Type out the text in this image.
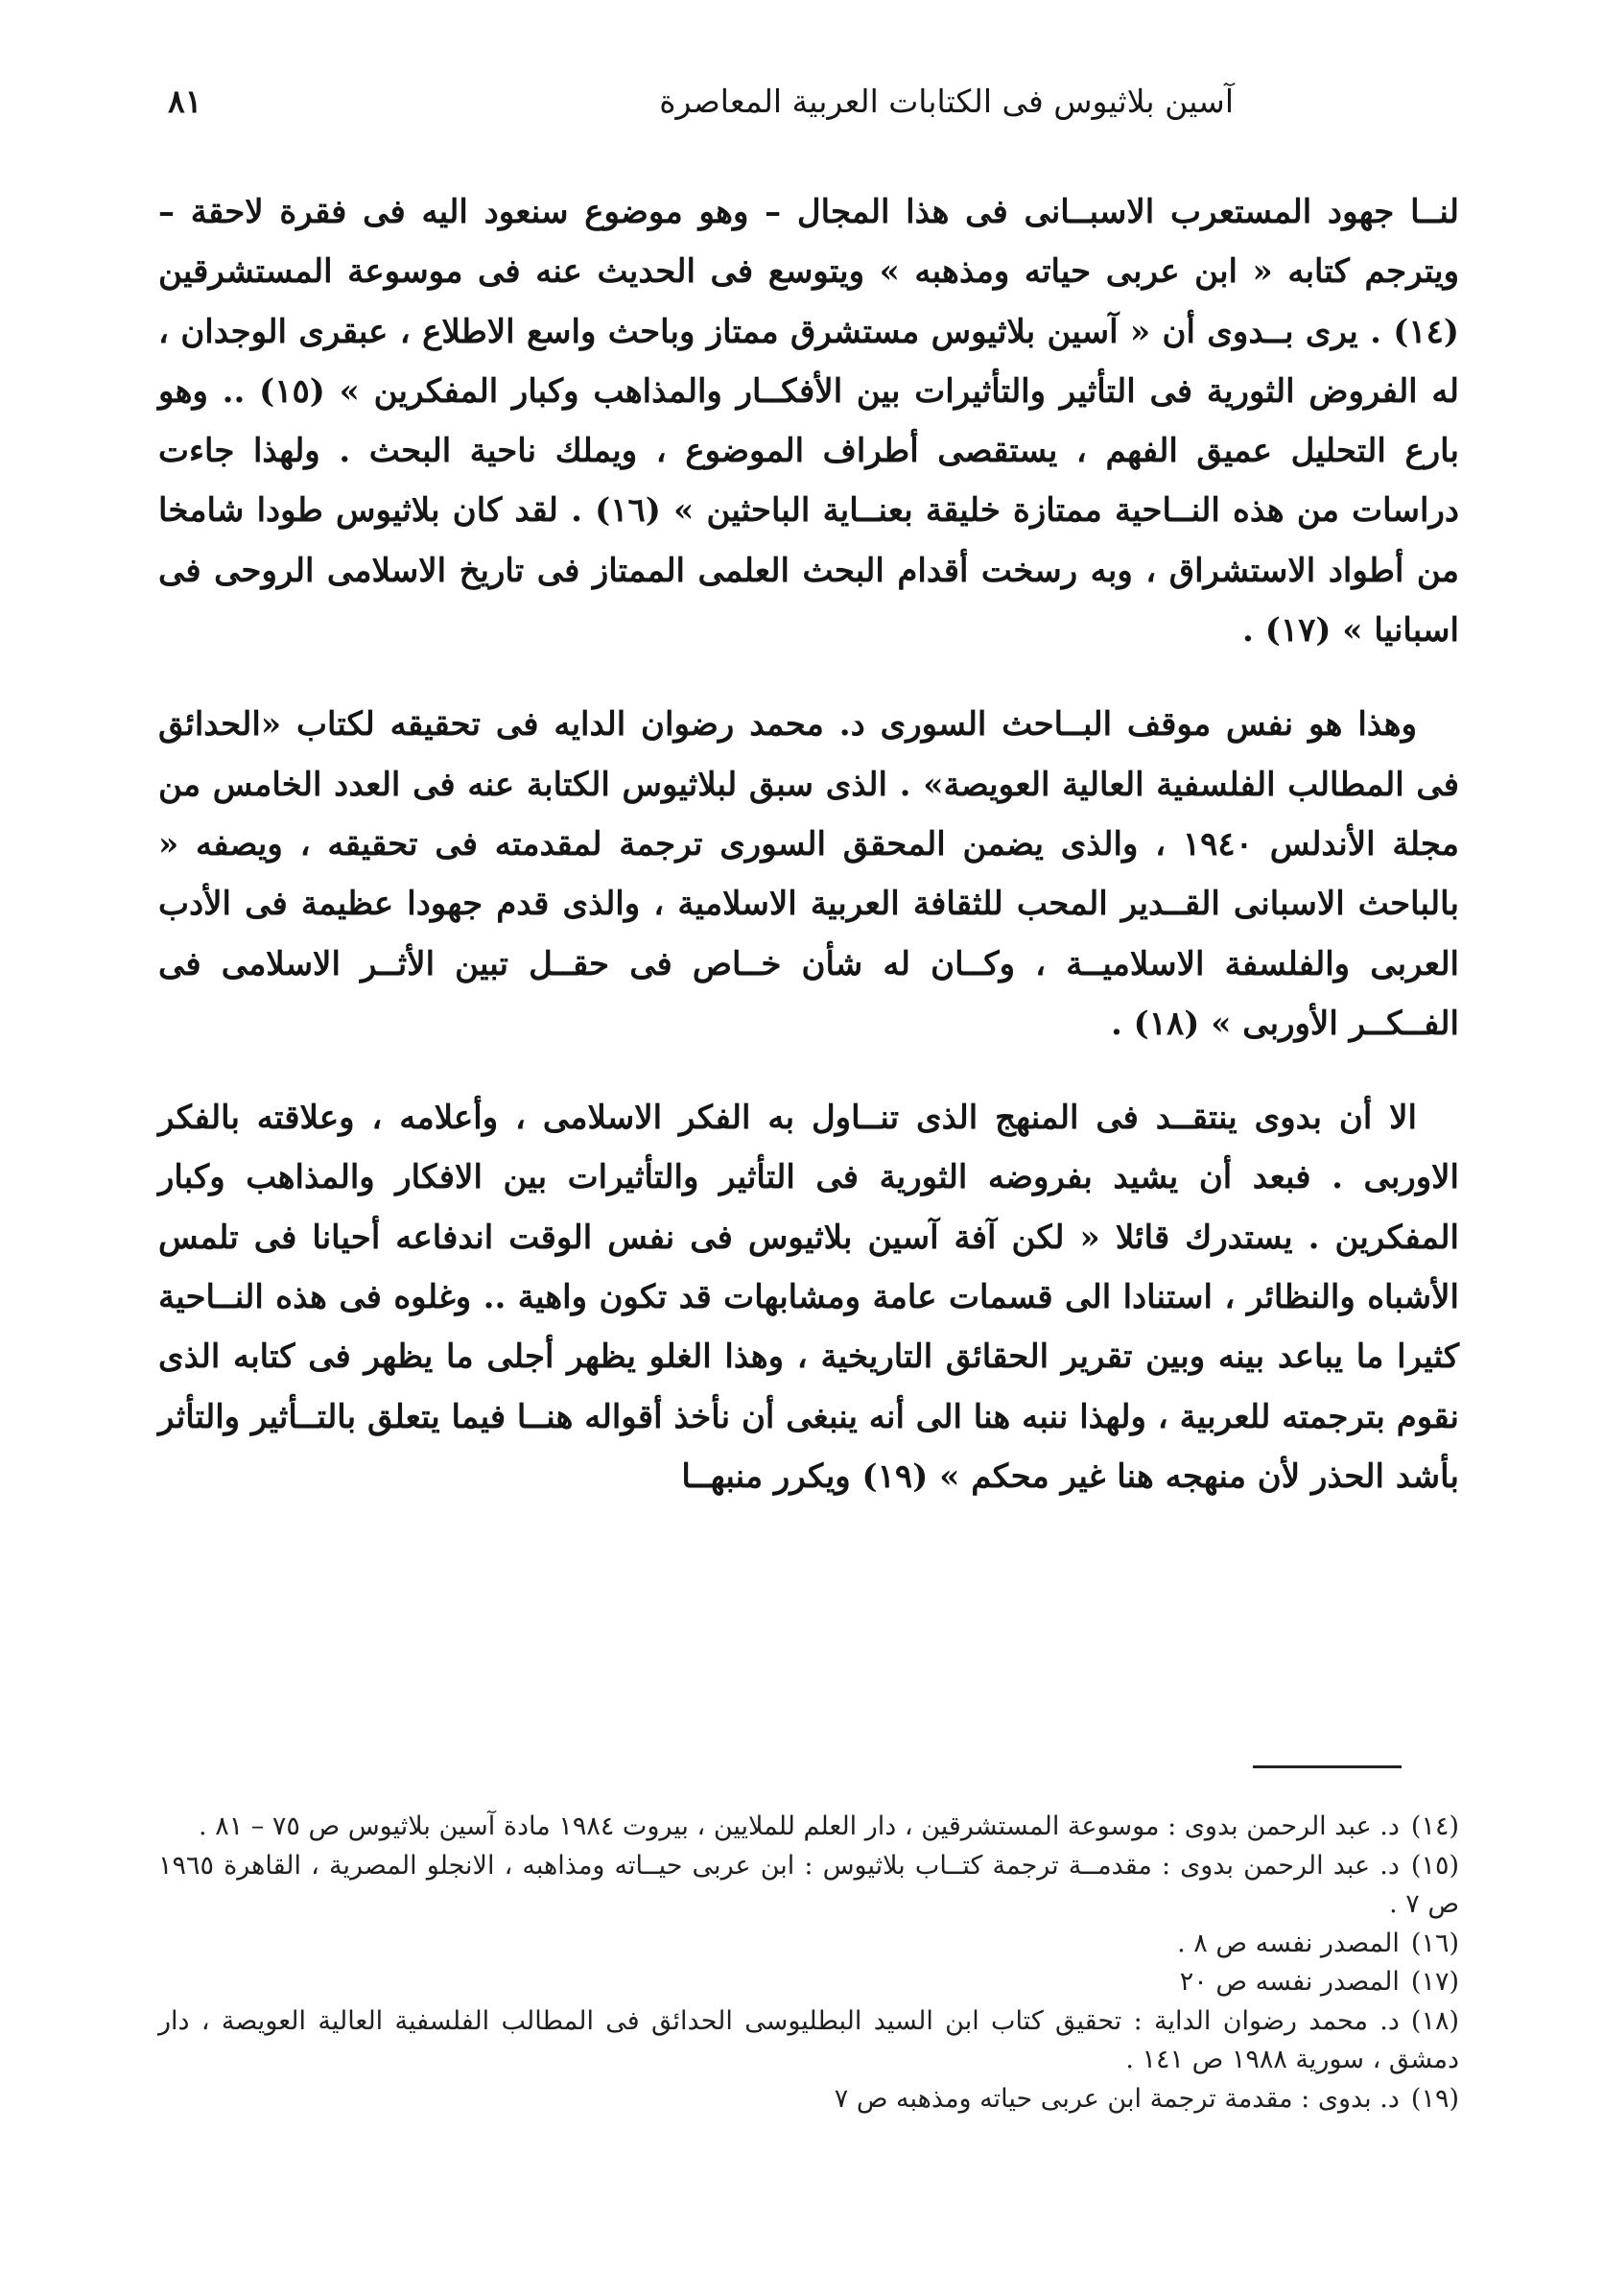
آسين بلاثيوس فى الكتابات العربية المعاصرة
٨١

لنــا جهود المستعرب الاسبــانى فى هذا المجال – وهو موضوع سنعود اليه فى فقرة لاحقة – ويترجم كتابه « ابن عربى حياته ومذهبه » ويتوسع فى الحديث عنه فى موسوعة المستشرقين (١٤) . يرى بــدوى أن « آسين بلاثيوس مستشرق ممتاز وباحث واسع الاطلاع ، عبقرى الوجدان ، له الفروض الثورية فى التأثير والتأثيرات بين الأفكــار والمذاهب وكبار المفكرين » (١٥) .. وهو بارع التحليل عميق الفهم ، يستقصى أطراف الموضوع ، ويملك ناحية البحث . ولهذا جاءت دراسات من هذه النــاحية ممتازة خليقة بعنــاية الباحثين » (١٦) . لقد كان بلاثيوس طودا شامخا من أطواد الاستشراق ، وبه رسخت أقدام البحث العلمى الممتاز فى تاريخ الاسلامى الروحى فى اسبانيا » (١٧) .

وهذا هو نفس موقف البــاحث السورى د. محمد رضوان الدايه فى تحقيقه لكتاب «الحدائق فى المطالب الفلسفية العالية العويصة» . الذى سبق لبلاثيوس الكتابة عنه فى العدد الخامس من مجلة الأندلس ١٩٤٠ ، والذى يضمن المحقق السورى ترجمة لمقدمته فى تحقيقه ، ويصفه « بالباحث الاسبانى القــدير المحب للثقافة العربية الاسلامية ، والذى قدم جهودا عظيمة فى الأدب العربى والفلسفة الاسلاميــة ، وكــان له شأن خــاص فى حقــل تبين الأثــر الاسلامى فى الفــكــر الأوربى » (١٨) .

الا أن بدوى ينتقــد فى المنهج الذى تنــاول به الفكر الاسلامى ، وأعلامه ، وعلاقته بالفكر الاوربى . فبعد أن يشيد بفروضه الثورية فى التأثير والتأثيرات بين الافكار والمذاهب وكبار المفكرين . يستدرك قائلا « لكن آفة آسين بلاثيوس فى نفس الوقت اندفاعه أحيانا فى تلمس الأشباه والنظائر ، استنادا الى قسمات عامة ومشابهات قد تكون واهية .. وغلوه فى هذه النــاحية كثيرا ما يباعد بينه وبين تقرير الحقائق التاريخية ، وهذا الغلو يظهر أجلى ما يظهر فى كتابه الذى نقوم بترجمته للعربية ، ولهذا ننبه هنا الى أنه ينبغى أن نأخذ أقواله هنــا فيما يتعلق بالتــأثير والتأثر بأشد الحذر لأن منهجه هنا غير محكم » (١٩) ويكرر منبهــا

(١٤)د. عبد الرحمن بدوى : موسوعة المستشرقين ، دار العلم للملايين ، بيروت ١٩٨٤ مادة آسين بلاثيوس ص ٧٥ – ٨١ .

(١٥)د. عبد الرحمن بدوى : مقدمــة ترجمة كتــاب بلاثيوس : ابن عربى حيــاته ومذاهبه ، الانجلو المصرية ، القاهرة ١٩٦٥ ص ٧ .

(١٦)المصدر نفسه ص ٨ .

(١٧)المصدر نفسه ص ٢٠

(١٨)د. محمد رضوان الداية : تحقيق كتاب ابن السيد البطليوسى الحدائق فى المطالب الفلسفية العالية العويصة ، دار دمشق ، سورية ١٩٨٨ ص ١٤١ .

(١٩)د. بدوى : مقدمة ترجمة ابن عربى حياته ومذهبه ص ٧
